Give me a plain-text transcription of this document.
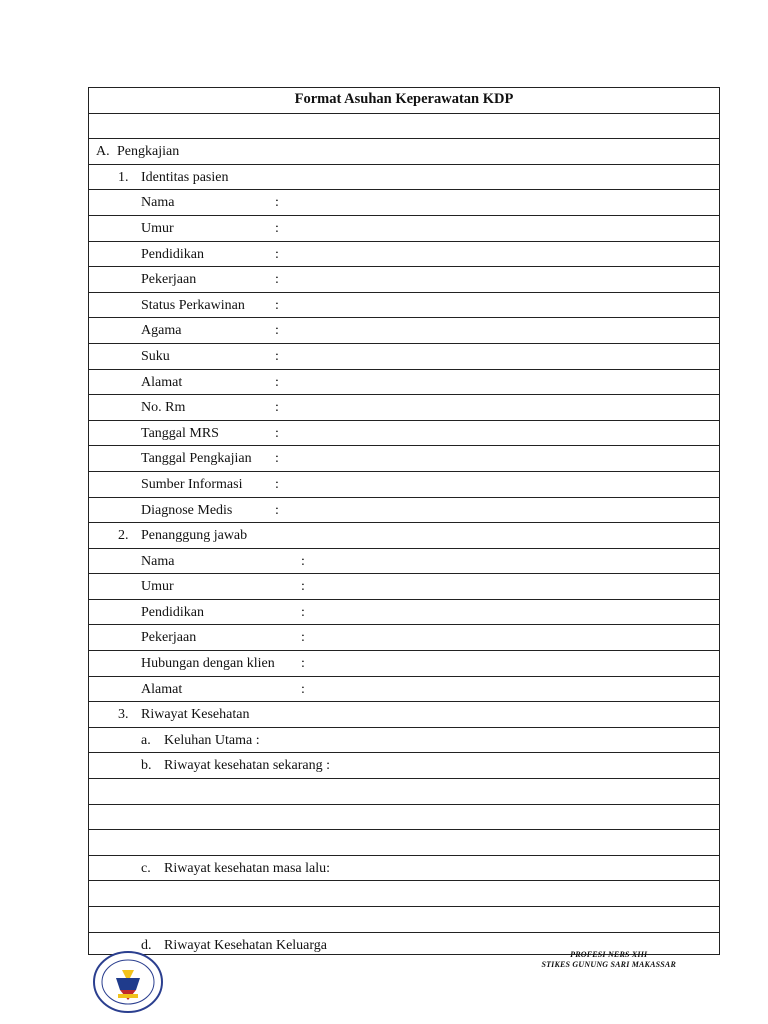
Format Asuhan Keperawatan KDP
A. Pengkajian
1. Identitas pasien
Nama	:
Umur	:
Pendidikan	:
Pekerjaan	:
Status Perkawinan :
Agama	:
Suku	:
Alamat	:
No. Rm	:
Tanggal MRS	:
Tanggal Pengkajian :
Sumber Informasi :
Diagnose Medis	:
2. Penanggung jawab
Nama	:
Umur	:
Pendidikan	:
Pekerjaan	:
Hubungan dengan klien :
Alamat	:
3. Riwayat Kesehatan
a. Keluhan Utama :
b. Riwayat kesehatan sekarang :
c. Riwayat kesehatan masa lalu:
d. Riwayat Kesehatan Keluarga
PROFESI NERS XIII
STIKES GUNUNG SARI MAKASSAR
